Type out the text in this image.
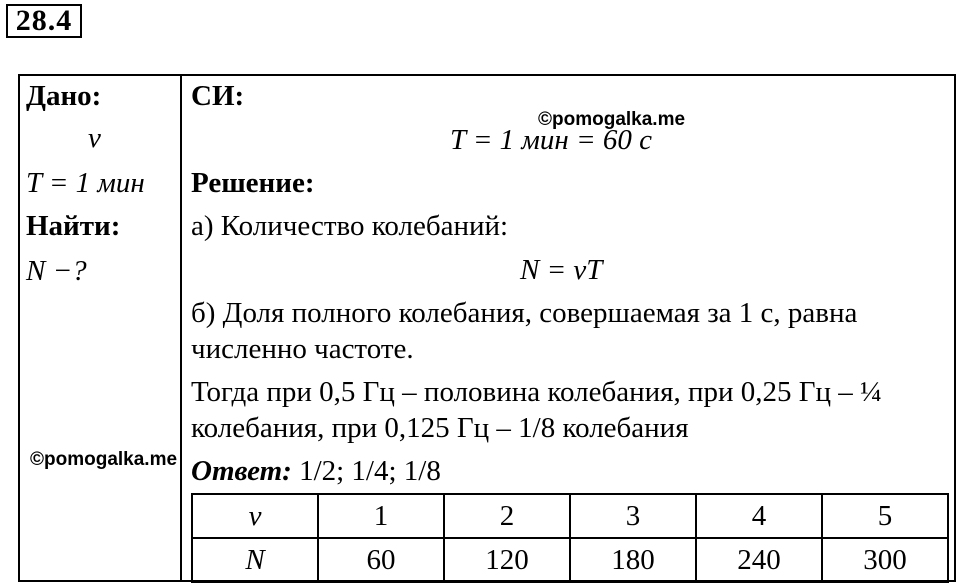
28.4
Дано:
ν
T = 1 мин
Найти:
N −?
©pomogalka.me
СИ:
©pomogalka.me
T = 1 мин = 60 с
Решение:
а) Количество колебаний:
N = νT
б) Доля полного колебания, совершаемая за 1 с, равна
численно частоте.
Тогда при 0,5 Гц – половина колебания, при 0,25 Гц – ¼
колебания, при 0,125 Гц – 1/8 колебания
Ответ: 1/2; 1/4; 1/8
ν	1	2	3	4	5
N	60	120	180	240	300
